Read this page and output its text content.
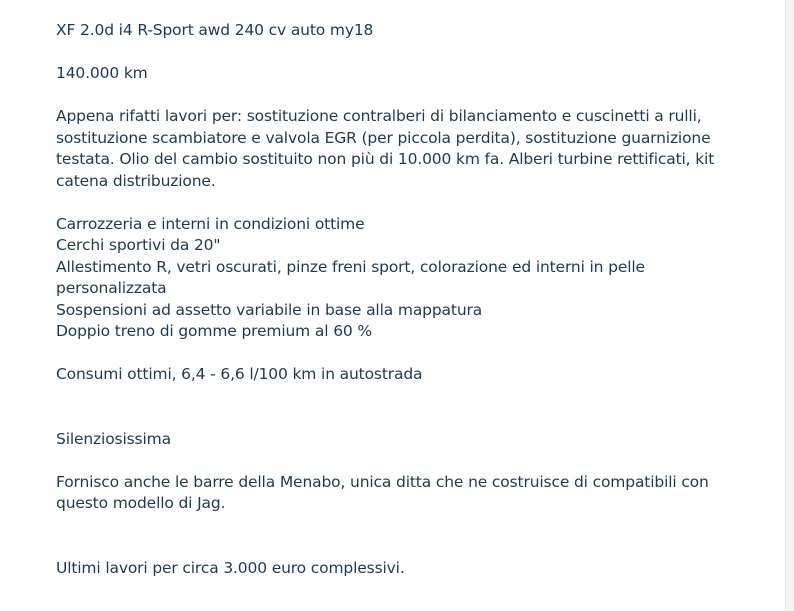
XF 2.0d i4 R-Sport awd 240 cv auto my18
140.000 km
Appena rifatti lavori per: sostituzione contralberi di bilanciamento e cuscinetti a rulli,
sostituzione scambiatore e valvola EGR (per piccola perdita), sostituzione guarnizione
testata. Olio del cambio sostituito non più di 10.000 km fa. Alberi turbine rettificati, kit
catena distribuzione.
Carrozzeria e interni in condizioni ottime
Cerchi sportivi da 20"
Allestimento R, vetri oscurati, pinze freni sport, colorazione ed interni in pelle
personalizzata
Sospensioni ad assetto variabile in base alla mappatura
Doppio treno di gomme premium al 60 %
Consumi ottimi, 6,4 - 6,6 l/100 km in autostrada
Silenziosissima
Fornisco anche le barre della Menabo, unica ditta che ne costruisce di compatibili con
questo modello di Jag.
Ultimi lavori per circa 3.000 euro complessivi.
